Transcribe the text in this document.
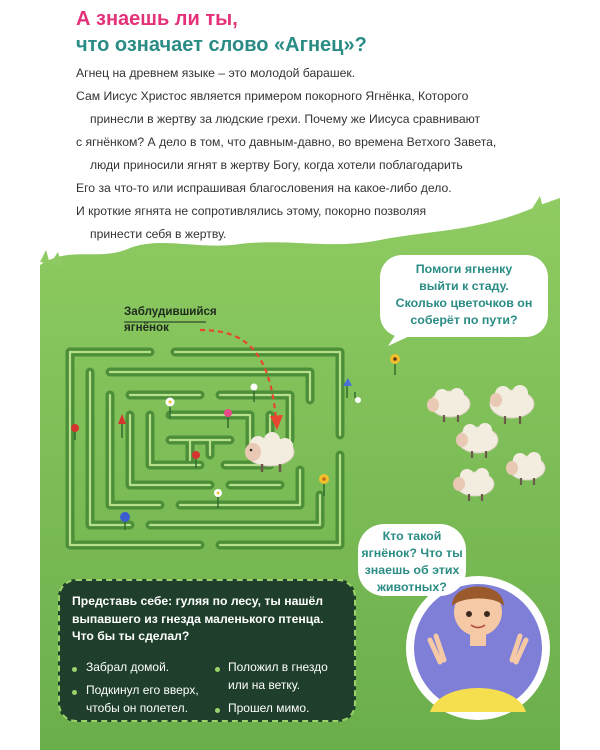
А знаешь ли ты,
что означает слово «Агнец»?
Агнец на древнем языке – это молодой барашек.
Сам Иисус Христос является примером покорного Ягнёнка, Которого
принесли в жертву за людские грехи. Почему же Иисуса сравнивают
с ягнёнком? А дело в том, что давным-давно, во времена Ветхого Завета,
люди приносили ягнят в жертву Богу, когда хотели поблагодарить
Его за что-то или испрашивая благословения на какое-либо дело.
И кроткие ягнята не сопротивлялись этому, покорно позволяя
принести себя в жертву.
Помоги ягненку
выйти к стаду.
Сколько цветочков он
соберёт по пути?
Заблудившийся
ягнёнок
Кто такой
ягнёнок? Что ты
знаешь об этих
животных?
Представь себе: гуляя по лесу, ты нашёл
выпавшего из гнезда маленького птенца.
Что бы ты сделал?
Забрал домой.
Подкинул его вверх,
чтобы он полетел.
Положил в гнездо
или на ветку.
Прошел мимо.
